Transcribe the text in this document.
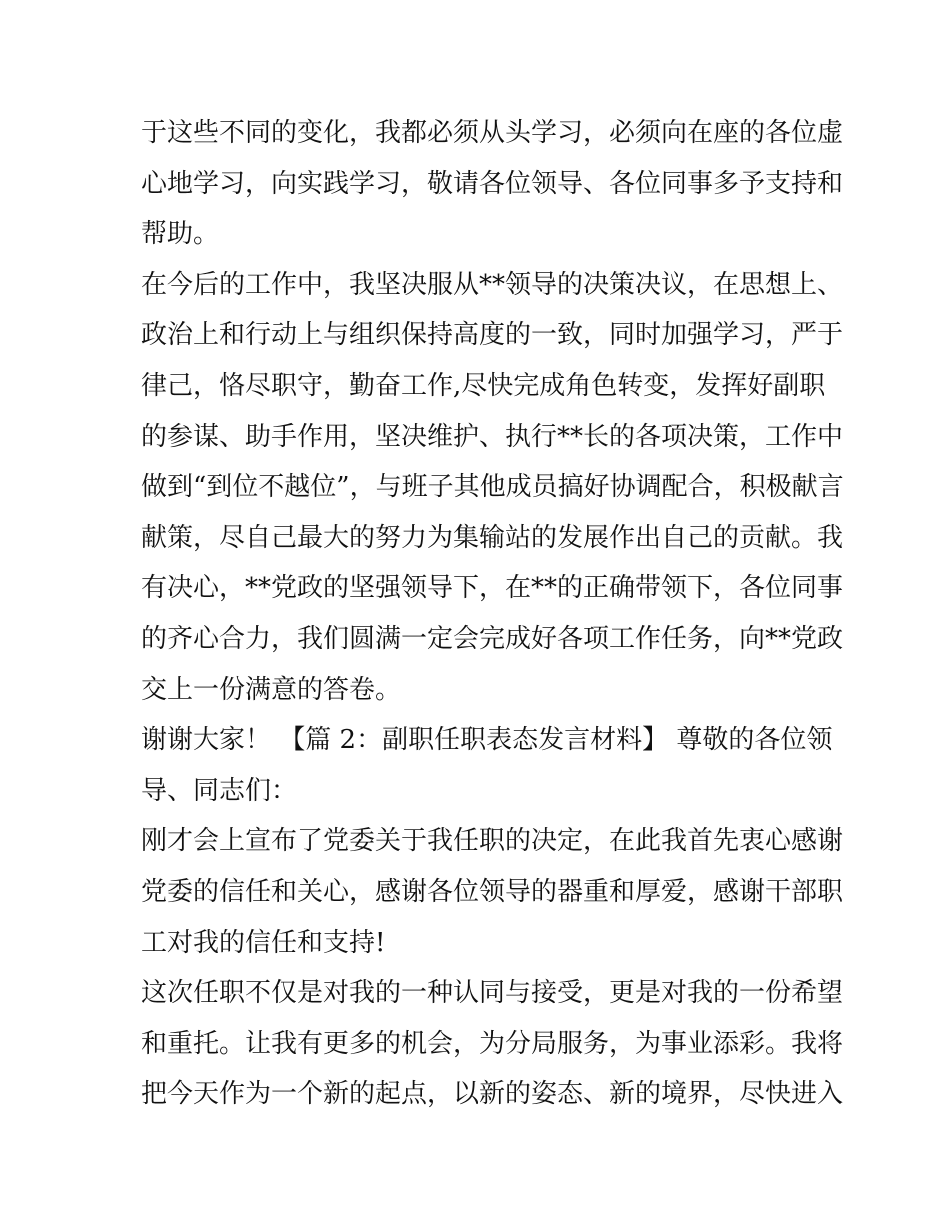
于这些不同的变化，我都必须从头学习，必须向在座的各位虚
心地学习，向实践学习，敬请各位领导、各位同事多予支持和
帮助。
在今后的工作中，我坚决服从**领导的决策决议，在思想上、
政治上和行动上与组织保持高度的一致，同时加强学习，严于
律己，恪尽职守，勤奋工作,尽快完成角色转变，发挥好副职
的参谋、助手作用，坚决维护、执行**长的各项决策，工作中
做到“到位不越位”，与班子其他成员搞好协调配合，积极献言
献策，尽自己最大的努力为集输站的发展作出自己的贡献。我
有决心，**党政的坚强领导下，在**的正确带领下，各位同事
的齐心合力，我们圆满一定会完成好各项工作任务，向**党政
交上一份满意的答卷。
谢谢大家！ 【篇 2：副职任职表态发言材料】 尊敬的各位领
导、同志们：
刚才会上宣布了党委关于我任职的决定，在此我首先衷心感谢
党委的信任和关心，感谢各位领导的器重和厚爱，感谢干部职
工对我的信任和支持!
这次任职不仅是对我的一种认同与接受，更是对我的一份希望
和重托。让我有更多的机会，为分局服务，为事业添彩。我将
把今天作为一个新的起点，以新的姿态、新的境界，尽快进入
